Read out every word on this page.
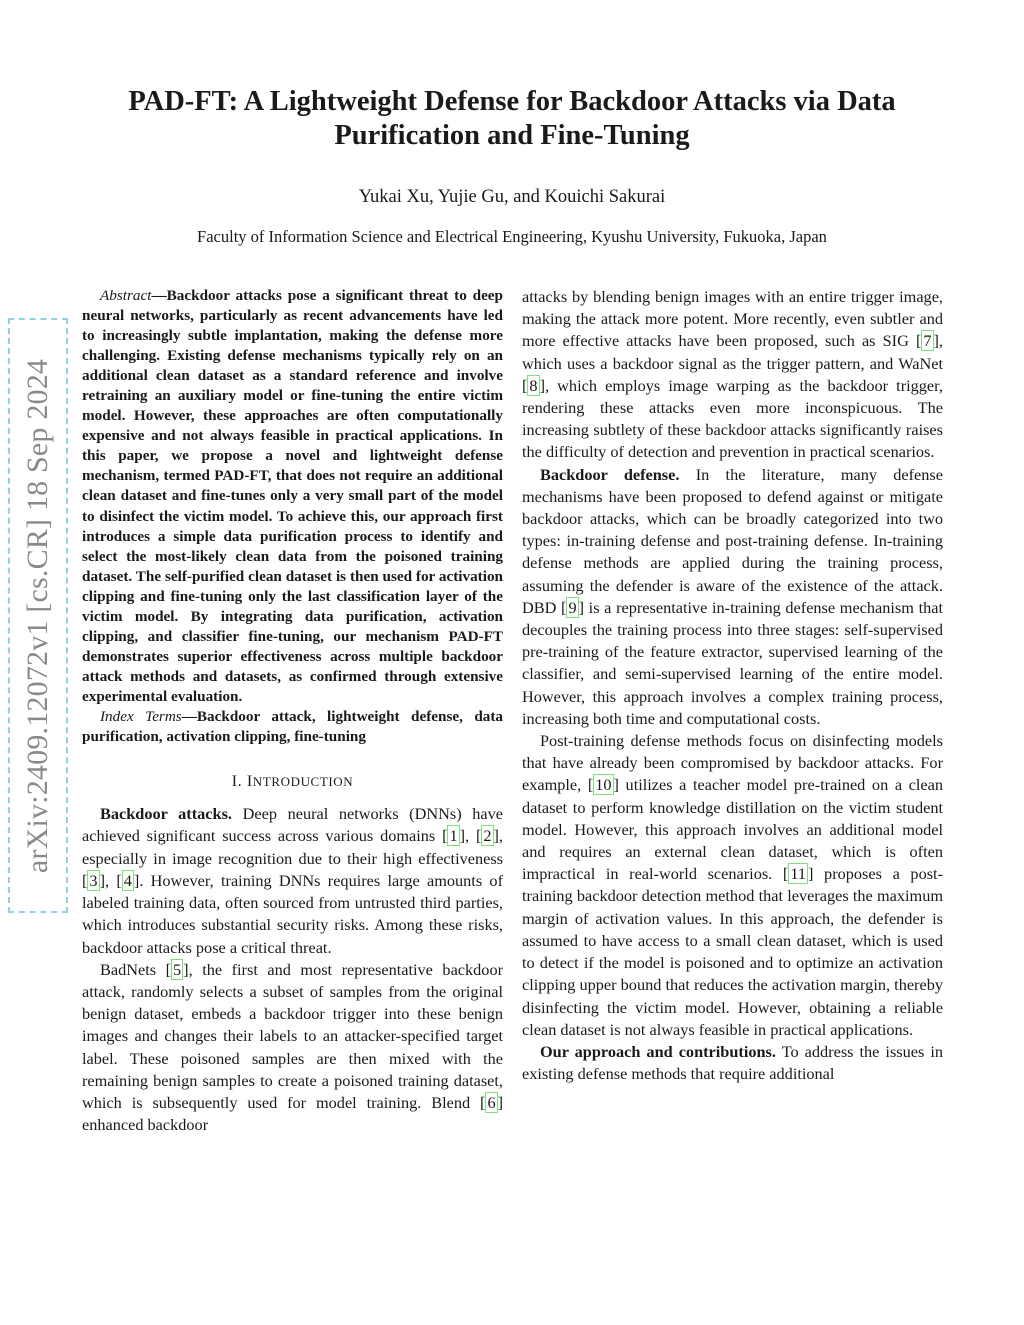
arXiv:2409.12072v1 [cs.CR] 18 Sep 2024
PAD-FT: A Lightweight Defense for Backdoor Attacks via Data
Purification and Fine-Tuning
Yukai Xu, Yujie Gu, and Kouichi Sakurai
Faculty of Information Science and Electrical Engineering, Kyushu University, Fukuoka, Japan

Abstract—Backdoor attacks pose a significant threat to deep neural networks, particularly as recent advancements have led to increasingly subtle implantation, making the defense more challenging. Existing defense mechanisms typically rely on an additional clean dataset as a standard reference and involve retraining an auxiliary model or fine-tuning the entire victim model. However, these approaches are often computationally expensive and not always feasible in practical applications. In this paper, we propose a novel and lightweight defense mechanism, termed PAD-FT, that does not require an additional clean dataset and fine-tunes only a very small part of the model to disinfect the victim model. To achieve this, our approach first introduces a simple data purification process to identify and select the most-likely clean data from the poisoned training dataset. The self-purified clean dataset is then used for activation clipping and fine-tuning only the last classification layer of the victim model. By integrating data purification, activation clipping, and classifier fine-tuning, our mechanism PAD-FT demonstrates superior effectiveness across multiple backdoor attack methods and datasets, as confirmed through extensive experimental evaluation.

Index Terms—Backdoor attack, lightweight defense, data purification, activation clipping, fine-tuning

I. INTRODUCTION

Backdoor attacks. Deep neural networks (DNNs) have achieved significant success across various domains [ 1 ], [ 2 ], especially in image recognition due to their high effectiveness [ 3 ], [ 4 ]. However, training DNNs requires large amounts of labeled training data, often sourced from untrusted third parties, which introduces substantial security risks. Among these risks, backdoor attacks pose a critical threat.

BadNets [ 5 ], the first and most representative backdoor attack, randomly selects a subset of samples from the original benign dataset, embeds a backdoor trigger into these benign images and changes their labels to an attacker-specified target label. These poisoned samples are then mixed with the remaining benign samples to create a poisoned training dataset, which is subsequently used for model training. Blend [ 6 ] enhanced backdoor

attacks by blending benign images with an entire trigger image, making the attack more potent. More recently, even subtler and more effective attacks have been proposed, such as SIG [ 7 ], which uses a backdoor signal as the trigger pattern, and WaNet [ 8 ], which employs image warping as the backdoor trigger, rendering these attacks even more inconspicuous. The increasing subtlety of these backdoor attacks significantly raises the difficulty of detection and prevention in practical scenarios.

Backdoor defense. In the literature, many defense mechanisms have been proposed to defend against or mitigate backdoor attacks, which can be broadly categorized into two types: in-training defense and post-training defense. In-training defense methods are applied during the training process, assuming the defender is aware of the existence of the attack. DBD [ 9 ] is a representative in-training defense mechanism that decouples the training process into three stages: self-supervised pre-training of the feature extractor, supervised learning of the classifier, and semi-supervised learning of the entire model. However, this approach involves a complex training process, increasing both time and computational costs.

Post-training defense methods focus on disinfecting models that have already been compromised by backdoor attacks. For example, [ 10 ] utilizes a teacher model pre-trained on a clean dataset to perform knowledge distillation on the victim student model. However, this approach involves an additional model and requires an external clean dataset, which is often impractical in real-world scenarios. [ 11 ] proposes a post-training backdoor detection method that leverages the maximum margin of activation values. In this approach, the defender is assumed to have access to a small clean dataset, which is used to detect if the model is poisoned and to optimize an activation clipping upper bound that reduces the activation margin, thereby disinfecting the victim model. However, obtaining a reliable clean dataset is not always feasible in practical applications.

Our approach and contributions. To address the issues in existing defense methods that require additional
